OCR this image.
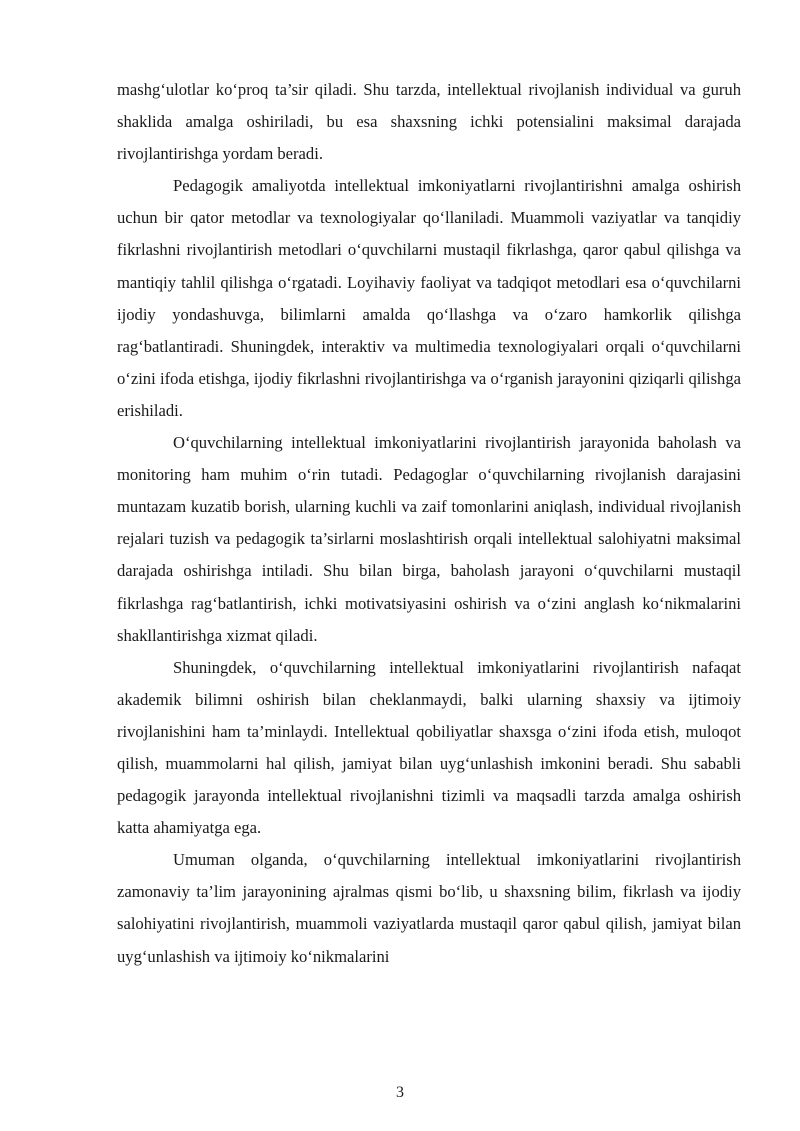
mashg‘ulotlar ko‘proq ta’sir qiladi. Shu tarzda, intellektual rivojlanish individual va guruh shaklida amalga oshiriladi, bu esa shaxsning ichki potensialini maksimal darajada rivojlantirishga yordam beradi.

Pedagogik amaliyotda intellektual imkoniyatlarni rivojlantirishni amalga oshirish uchun bir qator metodlar va texnologiyalar qo‘llaniladi. Muammoli vaziyatlar va tanqidiy fikrlashni rivojlantirish metodlari o‘quvchilarni mustaqil fikrlashga, qaror qabul qilishga va mantiqiy tahlil qilishga o‘rgatadi. Loyihaviy faoliyat va tadqiqot metodlari esa o‘quvchilarni ijodiy yondashuvga, bilimlarni amalda qo‘llashga va o‘zaro hamkorlik qilishga rag‘batlantiradi. Shuningdek, interaktiv va multimedia texnologiyalari orqali o‘quvchilarni o‘zini ifoda etishga, ijodiy fikrlashni rivojlantirishga va o‘rganish jarayonini qiziqarli qilishga erishiladi.

O‘quvchilarning intellektual imkoniyatlarini rivojlantirish jarayonida baholash va monitoring ham muhim o‘rin tutadi. Pedagoglar o‘quvchilarning rivojlanish darajasini muntazam kuzatib borish, ularning kuchli va zaif tomonlarini aniqlash, individual rivojlanish rejalari tuzish va pedagogik ta’sirlarni moslashtirish orqali intellektual salohiyatni maksimal darajada oshirishga intiladi. Shu bilan birga, baholash jarayoni o‘quvchilarni mustaqil fikrlashga rag‘batlantirish, ichki motivatsiyasini oshirish va o‘zini anglash ko‘nikmalarini shakllantirishga xizmat qiladi.

Shuningdek, o‘quvchilarning intellektual imkoniyatlarini rivojlantirish nafaqat akademik bilimni oshirish bilan cheklanmaydi, balki ularning shaxsiy va ijtimoiy rivojlanishini ham ta’minlaydi. Intellektual qobiliyatlar shaxsga o‘zini ifoda etish, muloqot qilish, muammolarni hal qilish, jamiyat bilan uyg‘unlashish imkonini beradi. Shu sababli pedagogik jarayonda intellektual rivojlanishni tizimli va maqsadli tarzda amalga oshirish katta ahamiyatga ega.

Umuman olganda, o‘quvchilarning intellektual imkoniyatlarini rivojlantirish zamonaviy ta’lim jarayonining ajralmas qismi bo‘lib, u shaxsning bilim, fikrlash va ijodiy salohiyatini rivojlantirish, muammoli vaziyatlarda mustaqil qaror qabul qilish, jamiyat bilan uyg‘unlashish va ijtimoiy ko‘nikmalarini

3
